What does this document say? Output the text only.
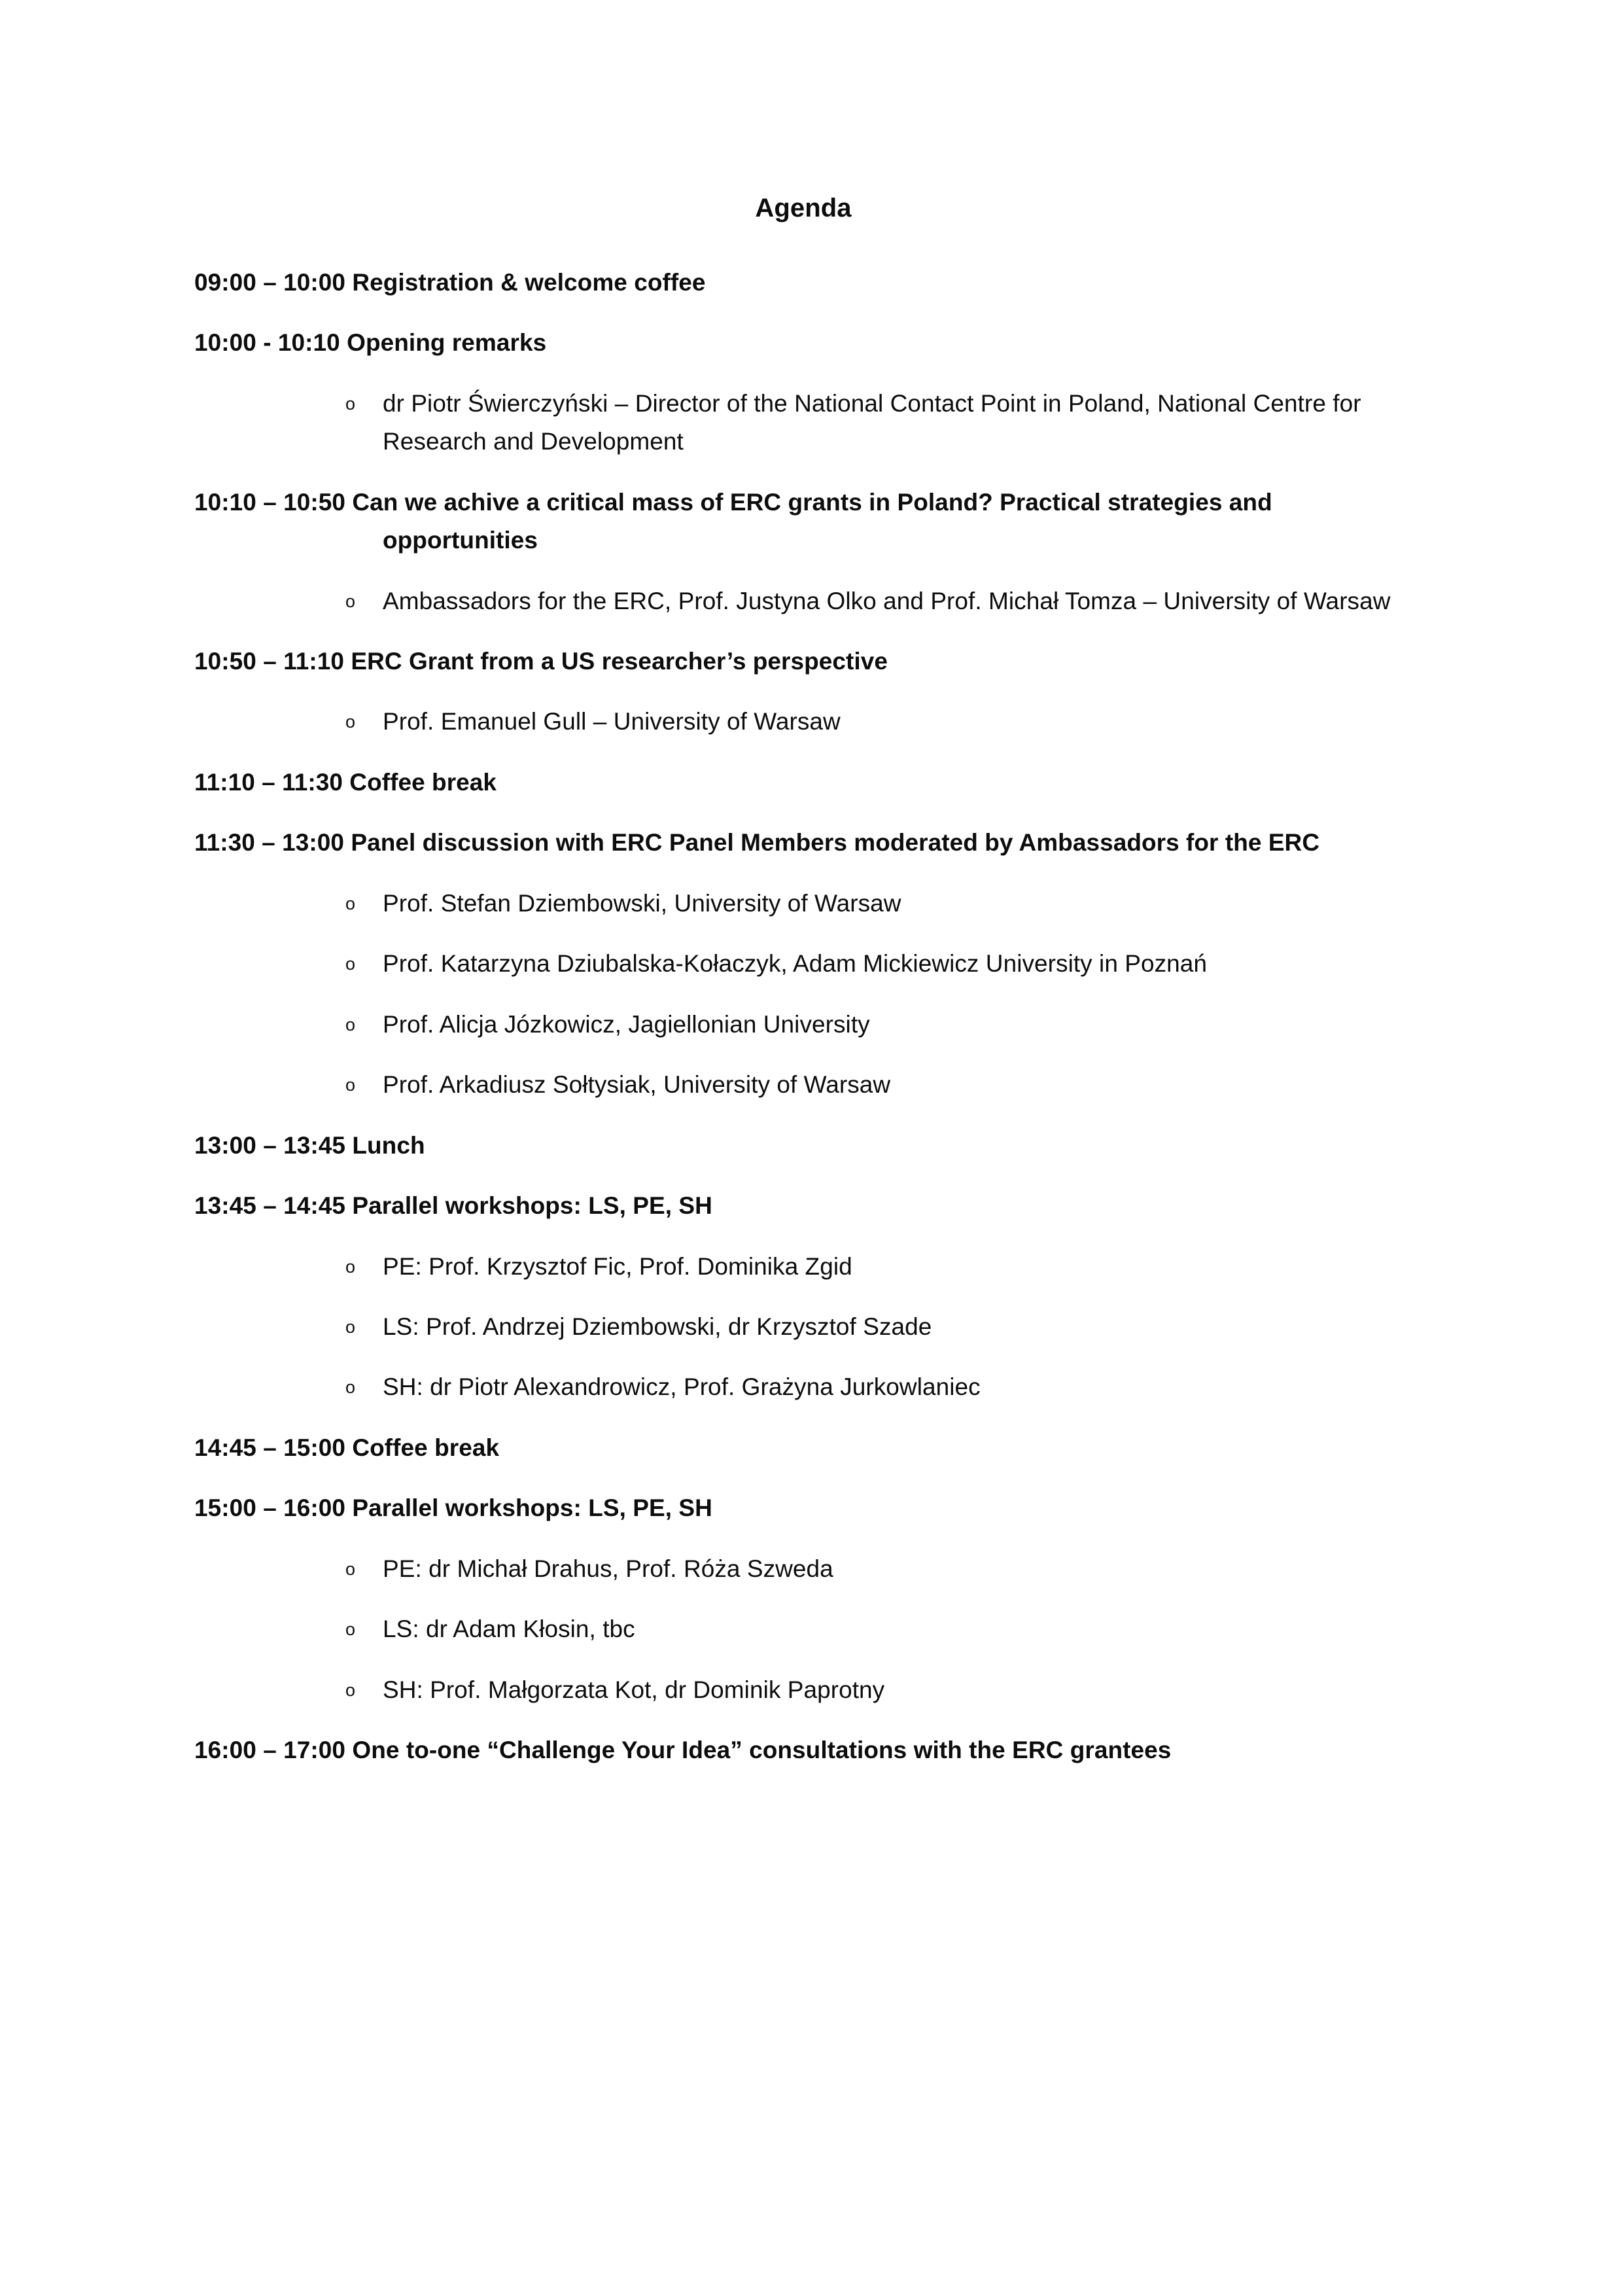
Agenda

09:00 – 10:00 Registration & welcome coffee

10:00 - 10:10 Opening remarks

o dr Piotr Świerczyński – Director of the National Contact Point in Poland, National Centre for Research and Development

10:10 – 10:50 Can we achive a critical mass of ERC grants in Poland? Practical strategies and opportunities

o Ambassadors for the ERC, Prof. Justyna Olko and Prof. Michał Tomza – University of Warsaw

10:50 – 11:10 ERC Grant from a US researcher’s perspective

o Prof. Emanuel Gull – University of Warsaw

11:10 – 11:30 Coffee break

11:30 – 13:00 Panel discussion with ERC Panel Members moderated by Ambassadors for the ERC

o Prof. Stefan Dziembowski, University of Warsaw
o Prof. Katarzyna Dziubalska-Kołaczyk, Adam Mickiewicz University in Poznań
o Prof. Alicja Józkowicz, Jagiellonian University
o Prof. Arkadiusz Sołtysiak, University of Warsaw

13:00 – 13:45 Lunch

13:45 – 14:45 Parallel workshops: LS, PE, SH

o PE: Prof. Krzysztof Fic, Prof. Dominika Zgid
o LS: Prof. Andrzej Dziembowski, dr Krzysztof Szade
o SH: dr Piotr Alexandrowicz, Prof. Grażyna Jurkowlaniec

14:45 – 15:00 Coffee break

15:00 – 16:00 Parallel workshops: LS, PE, SH

o PE: dr Michał Drahus, Prof. Róża Szweda
o LS: dr Adam Kłosin, tbc
o SH: Prof. Małgorzata Kot, dr Dominik Paprotny

16:00 – 17:00 One to-one “Challenge Your Idea” consultations with the ERC grantees
